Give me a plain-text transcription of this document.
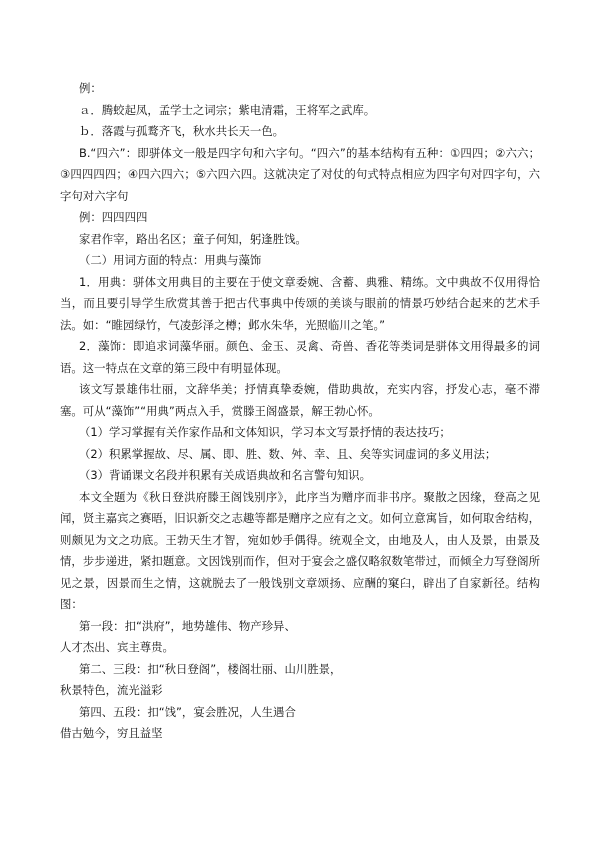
例：

ａ．腾蛟起凤，孟学士之词宗；紫电清霜，王将军之武库。

ｂ．落霞与孤鹜齐飞，秋水共长天一色。

B.“四六”：即骈体文一般是四字句和六字句。“四六”的基本结构有五种：①四四；②六六；③四四四四；④四六四六；⑤六四六四。这就决定了对仗的句式特点相应为四字句对四字句，六字句对六字句

例：四四四四

家君作宰，路出名区；童子何知，躬逢胜饯。

（二）用词方面的特点：用典与藻饰

1．用典：骈体文用典目的主要在于使文章委婉、含蓄、典雅、精练。文中典故不仅用得恰当，而且要引导学生欣赏其善于把古代事典中传颂的美谈与眼前的情景巧妙结合起来的艺术手法。如：“睢园绿竹，气凌彭泽之樽；邺水朱华，光照临川之笔。”

2．藻饰：即追求词藻华丽。颜色、金玉、灵禽、奇兽、香花等类词是骈体文用得最多的词语。这一特点在文章的第三段中有明显体现。

该文写景雄伟壮丽，文辞华美；抒情真挚委婉，借助典故，充实内容，抒发心志，毫不滞塞。可从“藻饰”“用典”两点入手，赏滕王阁盛景，解王勃心怀。

（1）学习掌握有关作家作品和文体知识，学习本文写景抒情的表达技巧；

（2）积累掌握故、尽、属、即、胜、数、舛、幸、且、矣等实词虚词的多义用法；

（3）背诵课文名段并积累有关成语典故和名言警句知识。

本文全题为《秋日登洪府滕王阁饯别序》，此序当为赠序而非书序。聚散之因缘，登高之见闻，贤主嘉宾之赛晤，旧识新交之志趣等都是赠序之应有之文。如何立意寓旨，如何取舍结构，则颇见为文之功底。王勃天生才智，宛如妙手偶得。统观全文，由地及人，由人及景，由景及情，步步递进，紧扣题意。文因饯别而作，但对于宴会之盛仅略叙数笔带过，而倾全力写登阁所见之景，因景而生之情，这就脱去了一般饯别文章颂扬、应酬的窠臼，辟出了自家新径。结构图：

第一段：扣“洪府”，地势雄伟、物产珍异、

人才杰出、宾主尊贵。

第二、三段：扣“秋日登阁”，楼阁壮丽、山川胜景，

秋景特色，流光溢彩

第四、五段：扣“饯”，宴会胜况，人生遇合

借古勉今，穷且益坚
